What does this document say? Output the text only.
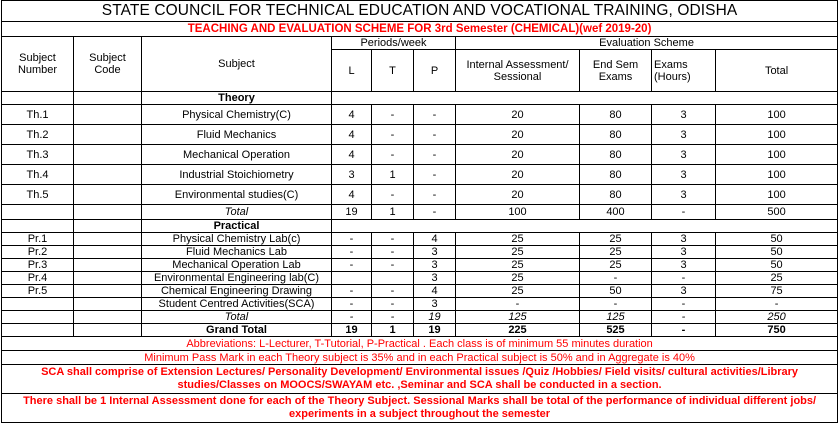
STATE COUNCIL FOR TECHNICAL EDUCATION AND VOCATIONAL TRAINING, ODISHA									
TEACHING AND EVALUATION SCHEME FOR 3rd Semester (CHEMICAL)(wef 2019-20)									
Subject Number	Subject Code	Subject	Periods/week			Evaluation Scheme			
			L	T	P	Internal Assessment/ Sessional	End Sem Exams	Exams (Hours)	Total
		Theory							
Th.1		Physical Chemistry(C)	4	-	-	20	80	3	100
Th.2		Fluid Mechanics	4	-	-	20	80	3	100
Th.3		Mechanical Operation	4	-	-	20	80	3	100
Th.4		Industrial Stoichiometry	3	1	-	20	80	3	100
Th.5		Environmental studies(C)	4	-	-	20	80	3	100
		Total	19	1	-	100	400	-	500
		Practical							
Pr.1		Physical Chemistry Lab(c)	-	-	4	25	25	3	50
Pr.2		Fluid Mechanics Lab	-	-	3	25	25	3	50
Pr.3		Mechanical Operation Lab	-	-	3	25	25	3	50
Pr.4		Environmental Engineering lab(C)			3	25	-	-	25
Pr.5		Chemical Engineering Drawing	-	-	4	25	50	3	75
		Student Centred Activities(SCA)	-	-	3	-	-	-	-
		Total	-	-	19	125	125	-	250
		Grand Total	19	1	19	225	525	-	750
Abbreviations: L-Lecturer, T-Tutorial, P-Practical . Each class is of minimum 55 minutes duration									
Minimum Pass Mark in each Theory subject is 35% and in each Practical subject is 50% and in Aggregate is 40%									
SCA shall comprise of Extension Lectures/ Personality Development/ Environmental issues /Quiz /Hobbies/ Field visits/ cultural activities/Library studies/Classes on MOOCS/SWAYAM etc. ,Seminar and SCA shall be conducted in a section.									
There shall be 1 Internal Assessment done for each of the Theory Subject. Sessional Marks shall be total of the performance of individual different jobs/ experiments in a subject throughout the semester									
